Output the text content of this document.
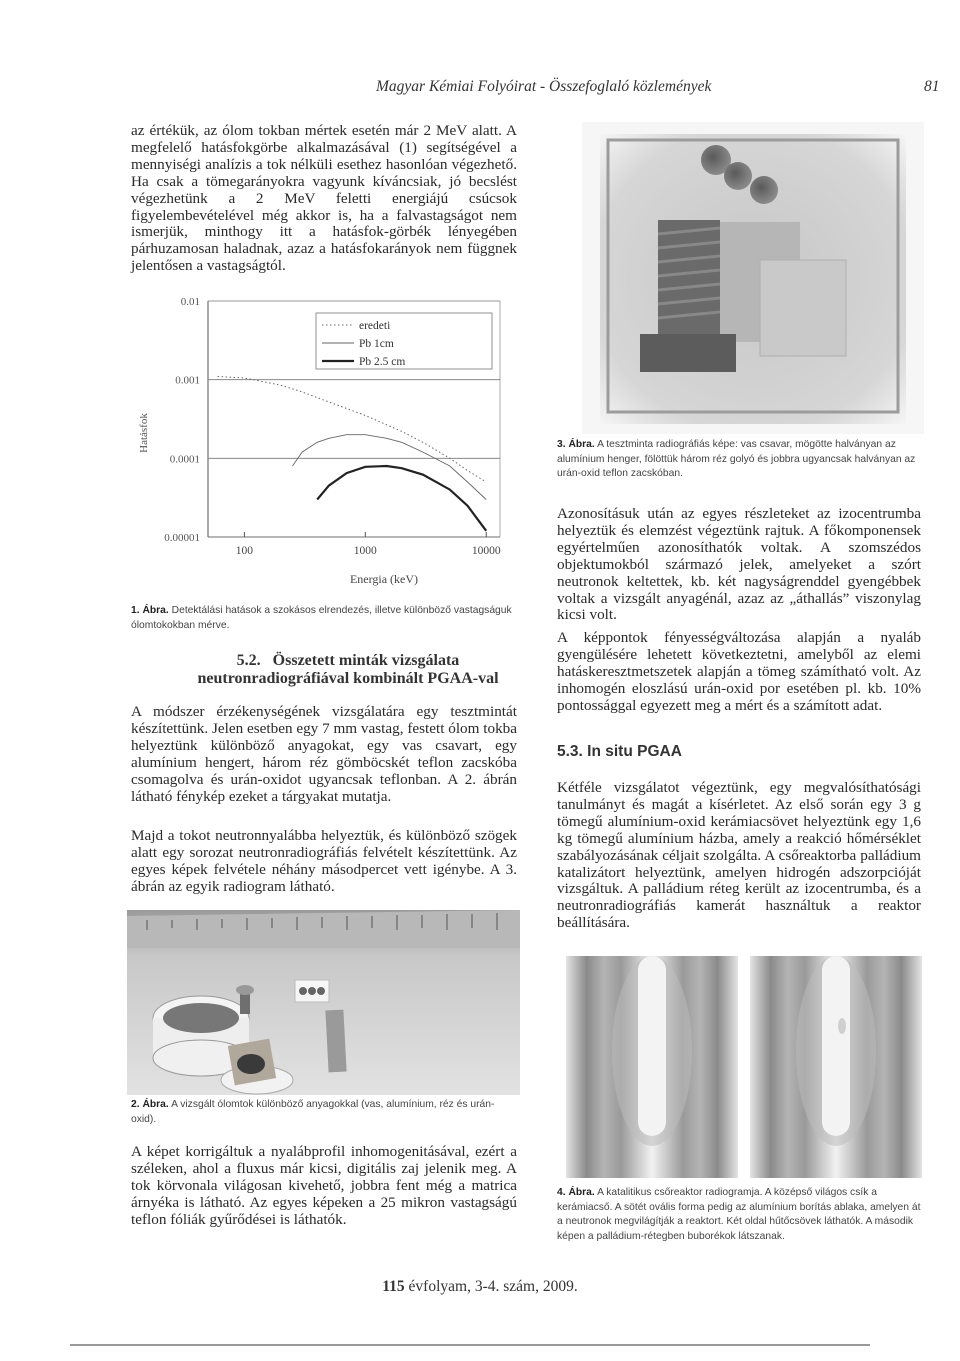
Magyar Kémiai Folyóirat - Összefoglaló közlemények	81

az értékük, az ólom tokban mértek esetén már 2 MeV alatt. A megfelelő hatásfokgörbe alkalmazásával (1) segítségével a mennyiségi analízis a tok nélküli esethez hasonlóan végezhető. Ha csak a tömegarányokra vagyunk kíváncsiak, jó becslést végezhetünk a 2 MeV feletti energiájú csúcsok figyelembevételével még akkor is, ha a falvastagságot nem ismerjük, minthogy itt a hatásfok-görbék lényegében párhuzamosan haladnak, azaz a hatásfokarányok nem függnek jelentősen a vastagságtól.

0.01
0.001
0.0001
0.00001
100	1000	10000
eredeti
Pb 1cm
Pb 2.5 cm
Hatásfok
Energia (keV)
1. Ábra. Detektálási hatások a szokásos elrendezés, illetve különböző vastagságuk ólomtokokban mérve.
5.2. Összetett minták vizsgálata
neutronradiográfiával kombinált PGAA-val

A módszer érzékenységének vizsgálatára egy tesztmintát készítettünk. Jelen esetben egy 7 mm vastag, festett ólom tokba helyeztünk különböző anyagokat, egy vas csavart, egy alumínium hengert, három réz gömböcskét teflon zacskóba csomagolva és urán-oxidot ugyancsak teflonban. A 2. ábrán látható fénykép ezeket a tárgyakat mutatja.

Majd a tokot neutronnyalábba helyeztük, és különböző szögek alatt egy sorozat neutronradiográfiás felvételt készítettünk. Az egyes képek felvétele néhány másodpercet vett igénybe. A 3. ábrán az egyik radiogram látható.

2. Ábra. A vizsgált ólomtok különböző anyagokkal (vas, alumínium, réz és urán-oxid).

A képet korrigáltuk a nyalábprofil inhomogenitásával, ezért a széleken, ahol a fluxus már kicsi, digitális zaj jelenik meg. A tok körvonala világosan kivehető, jobbra fent még a matrica árnyéka is látható. Az egyes képeken a 25 mikron vastagságú teflon fóliák gyűrődései is láthatók.

3. Ábra. A tesztminta radiográfiás képe: vas csavar, mögötte halványan az alumínium henger, fölöttük három réz golyó és jobbra ugyancsak halványan az urán-oxid teflon zacskóban.

Azonosításuk után az egyes részleteket az izocentrumba helyeztük és elemzést végeztünk rajtuk. A főkomponensek egyértelműen azonosíthatók voltak. A szomszédos objektumokból származó jelek, amelyeket a szórt neutronok keltettek, kb. két nagyságrenddel gyengébbek voltak a vizsgált anyagénál, azaz az „áthallás” viszonylag kicsi volt.

A képpontok fényességváltozása alapján a nyaláb gyengülésére lehetett következtetni, amelyből az elemi hatáskeresztmetszetek alapján a tömeg számítható volt. Az inhomogén eloszlású urán-oxid por esetében pl. kb. 10% pontossággal egyezett meg a mért és a számított adat.

5.3. In situ PGAA

Kétféle vizsgálatot végeztünk, egy megvalósíthatósági tanulmányt és magát a kísérletet. Az első során egy 3 g tömegű alumínium-oxid kerámiacsövet helyeztünk egy 1,6 kg tömegű alumínium házba, amely a reakció hőmérséklet szabályozásának céljait szolgálta. A csőreaktorba palládium katalizátort helyeztünk, amelyen hidrogén adszorpcióját vizsgáltuk. A palládium réteg került az izocentrumba, és a neutronradiográfiás kamerát használtuk a reaktor beállítására.

4. Ábra. A katalitikus csőreaktor radiogramja. A középső világos csík a kerámiacső. A sötét ovális forma pedig az alumínium borítás ablaka, amelyen át a neutronok megvilágítják a reaktort. Két oldal hűtőcsövek láthatók. A második képen a palládium-rétegben buborékok látszanak.
115 évfolyam, 3-4. szám, 2009.
